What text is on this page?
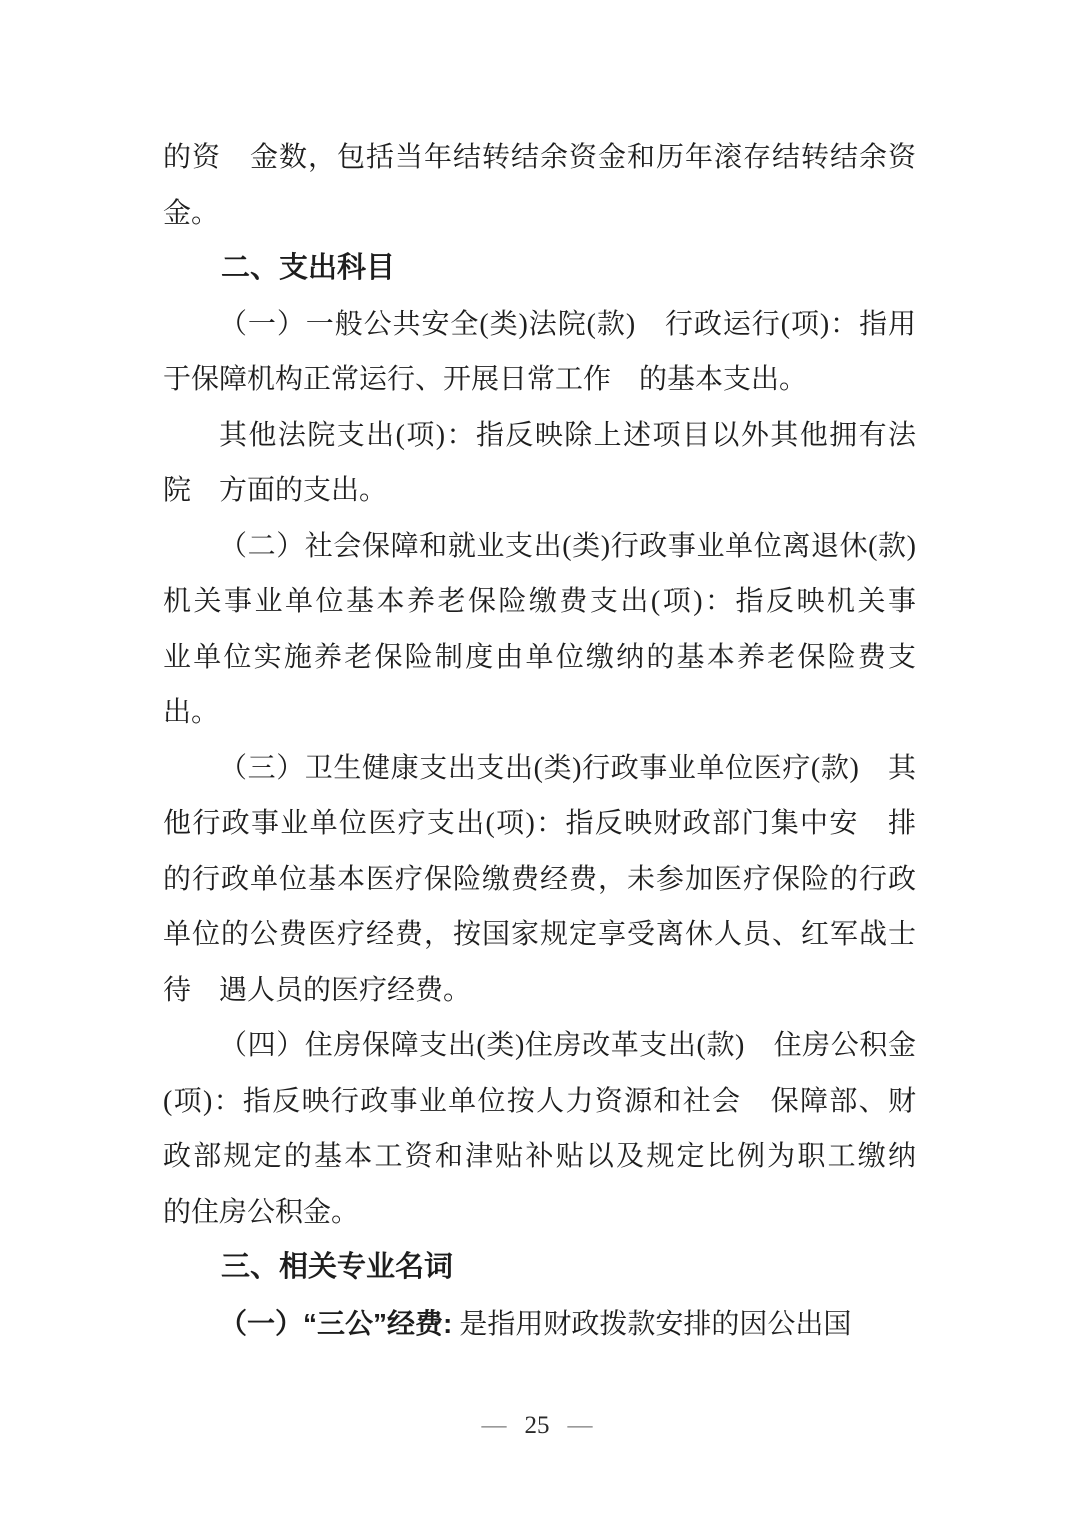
的资　金数，包括当年结转结余资金和历年滚存结转结余资
金。
二、支出科目
（一）一般公共安全(类)法院(款)　行政运行(项)：指用
于保障机构正常运行、开展日常工作　的基本支出。
其他法院支出(项)：指反映除上述项目以外其他拥有法
院　方面的支出。
（二）社会保障和就业支出(类)行政事业单位离退休(款)
机关事业单位基本养老保险缴费支出(项)：指反映机关事
业单位实施养老保险制度由单位缴纳的基本养老保险费支
出。
（三）卫生健康支出支出(类)行政事业单位医疗(款)　其
他行政事业单位医疗支出(项)：指反映财政部门集中安　排
的行政单位基本医疗保险缴费经费，未参加医疗保险的行政
单位的公费医疗经费，按国家规定享受离休人员、红军战士
待　遇人员的医疗经费。
（四）住房保障支出(类)住房改革支出(款)　住房公积金
(项)：指反映行政事业单位按人力资源和社会　保障部、财
政部规定的基本工资和津贴补贴以及规定比例为职工缴纳
的住房公积金。
三、相关专业名词
（一）“三公”经费: 是指用财政拨款安排的因公出国
— 25 —
